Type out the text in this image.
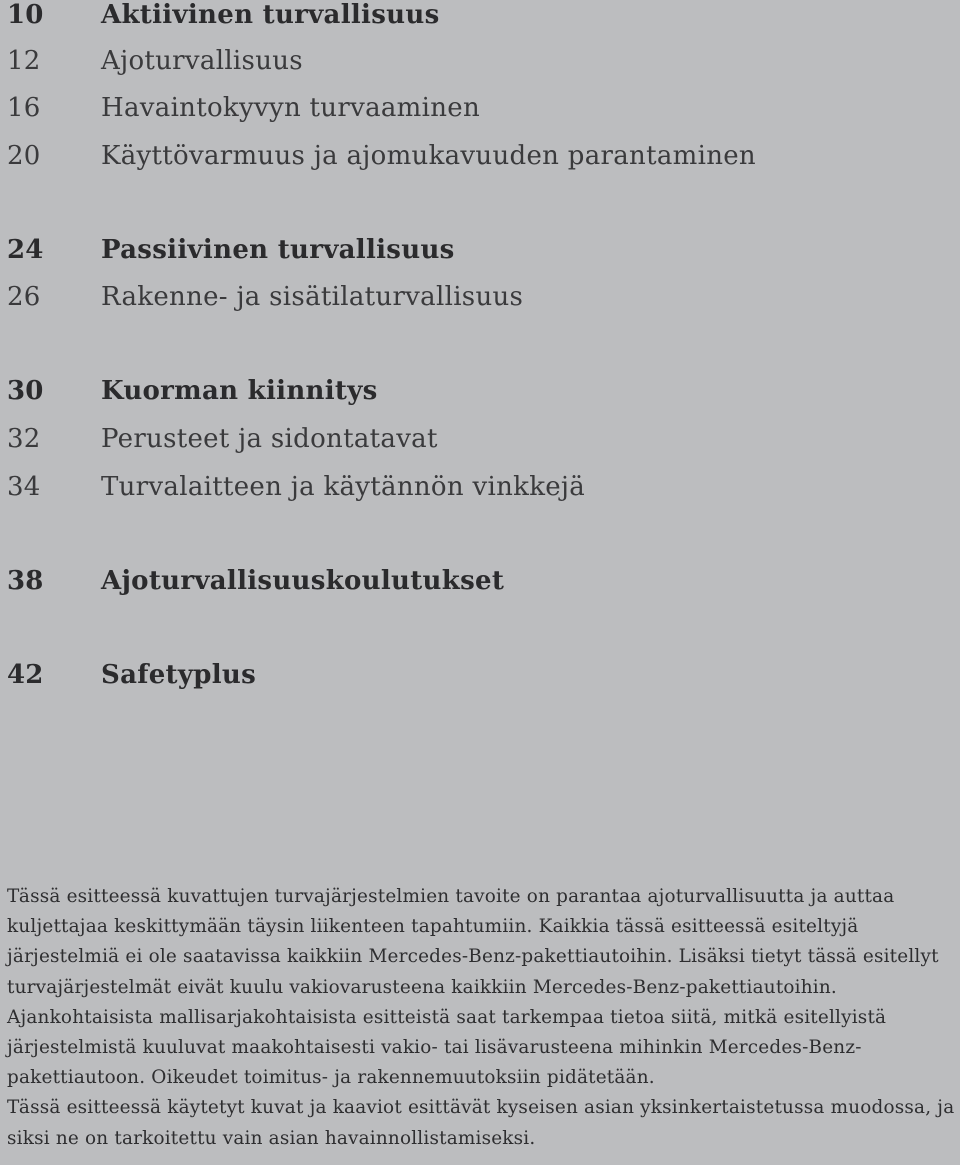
10 Aktiivinen turvallisuus
12 Ajoturvallisuus
16 Havaintokyvyn turvaaminen
20 Käyttövarmuus ja ajomukavuuden parantaminen
24 Passiivinen turvallisuus
26 Rakenne- ja sisätilaturvallisuus
30 Kuorman kiinnitys
32 Perusteet ja sidontatavat
34 Turvalaitteen ja käytännön vinkkejä
38 Ajoturvallisuuskoulutukset
42 Safetyplus

Tässä esitteessä kuvattujen turvajärjestelmien tavoite on parantaa ajoturvallisuutta ja auttaa kuljettajaa keskittymään täysin liikenteen tapahtumiin. Kaikkia tässä esitteessä esiteltyjä järjestelmiä ei ole saatavissa kaikkiin Mercedes-Benz-pakettiautoihin. Lisäksi tietyt tässä esitellyt turvajärjestelmät eivät kuulu vakiovarusteena kaikkiin Mercedes-Benz-pakettiautoihin. Ajankohtaisista mallisarjakohtaisista esitteistä saat tarkempaa tietoa siitä, mitkä esitellyistä järjestelmistä kuuluvat maakohtaisesti vakio- tai lisävarusteena mihinkin Mercedes-Benz-pakettiautoon. Oikeudet toimitus- ja rakennemuutoksiin pidätetään.

Tässä esitteessä käytetyt kuvat ja kaaviot esittävät kyseisen asian yksinkertaistetussa muodossa, ja siksi ne on tarkoitettu vain asian havainnollistamiseksi.
